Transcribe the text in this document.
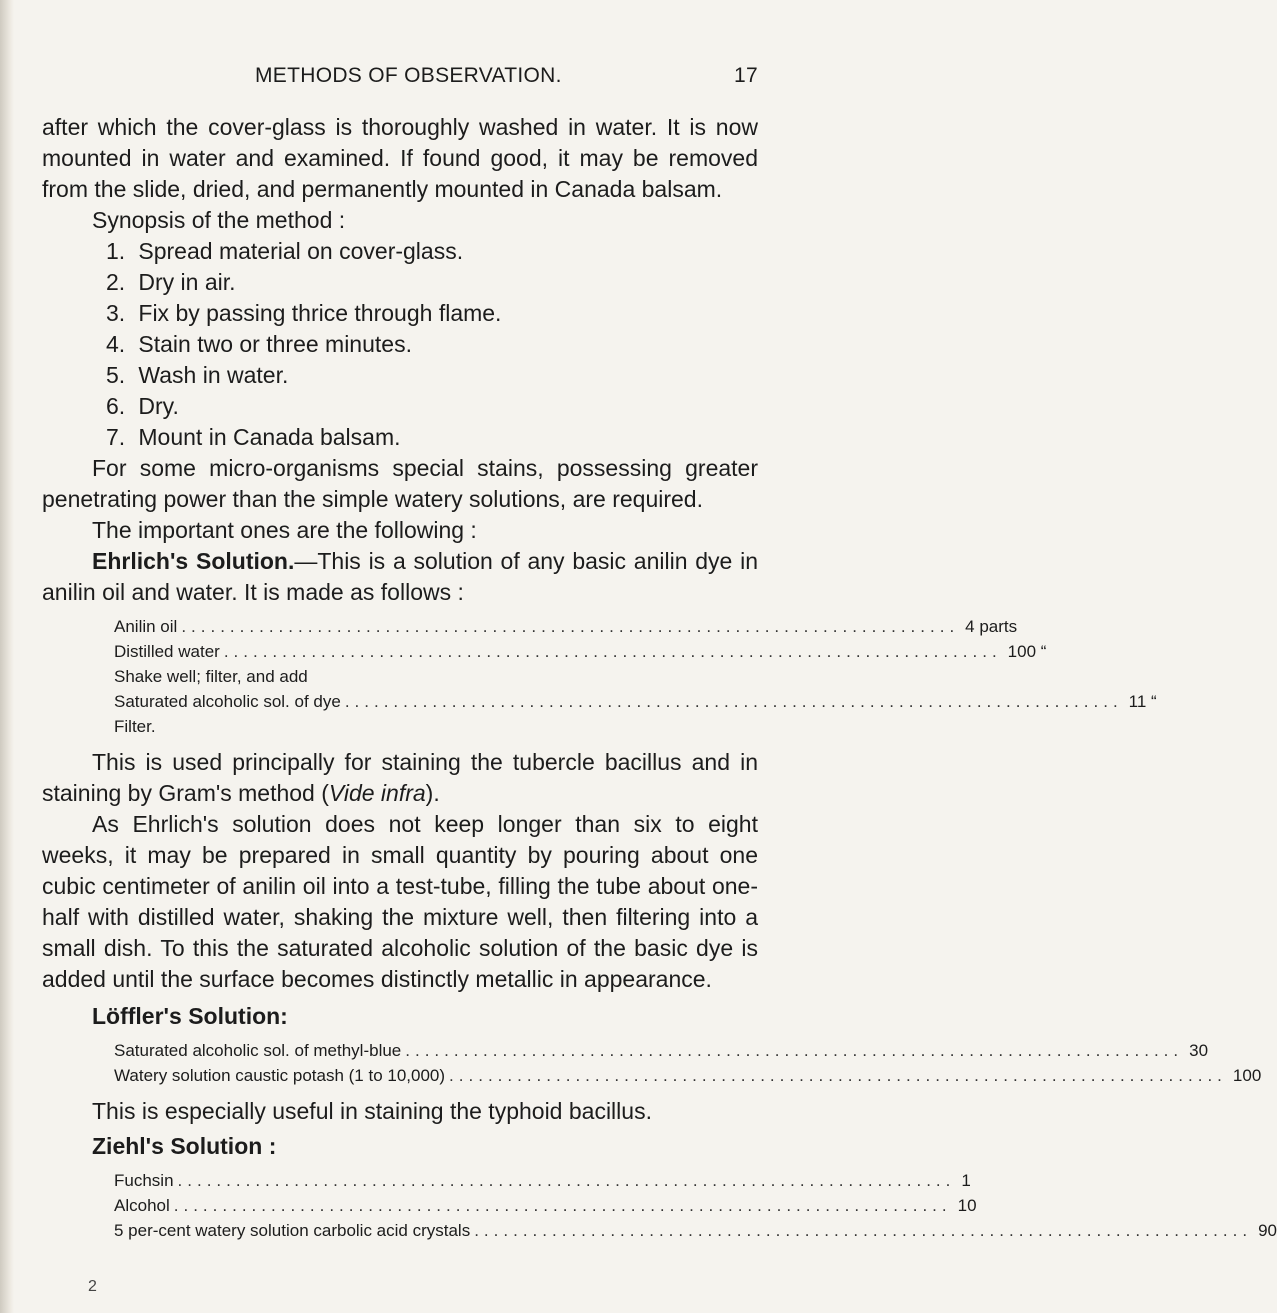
METHODS OF OBSERVATION.	17

after which the cover-glass is thoroughly washed in water. It is now mounted in water and examined. If found good, it may be removed from the slide, dried, and permanently mounted in Canada balsam.

Synopsis of the method :

1. Spread material on cover-glass.
2. Dry in air.
3. Fix by passing thrice through flame.
4. Stain two or three minutes.
5. Wash in water.
6. Dry.
7. Mount in Canada balsam.

For some micro-organisms special stains, possessing greater penetrating power than the simple watery solutions, are required.

The important ones are the following :

Ehrlich's Solution.—This is a solution of any basic anilin dye in anilin oil and water. It is made as follows :

Anilin oil ................................................................................ 4 parts
Distilled water ................................................................................ 100 “
Shake well; filter, and add
Saturated alcoholic sol. of dye ................................................................................ 11 “
Filter.

This is used principally for staining the tubercle bacillus and in staining by Gram's method (Vide infra).

As Ehrlich's solution does not keep longer than six to eight weeks, it may be prepared in small quantity by pouring about one cubic centimeter of anilin oil into a test-tube, filling the tube about one-half with distilled water, shaking the mixture well, then filtering into a small dish. To this the saturated alcoholic solution of the basic dye is added until the surface becomes distinctly metallic in appearance.

Löffler's Solution:

Saturated alcoholic sol. of methyl-blue ................................................................................ 30
Watery solution caustic potash (1 to 10,000) ................................................................................ 100

This is especially useful in staining the typhoid bacillus.

Ziehl's Solution :

Fuchsin ................................................................................ 1
Alcohol ................................................................................ 10
5 per-cent watery solution carbolic acid crystals ................................................................................ 90
2
